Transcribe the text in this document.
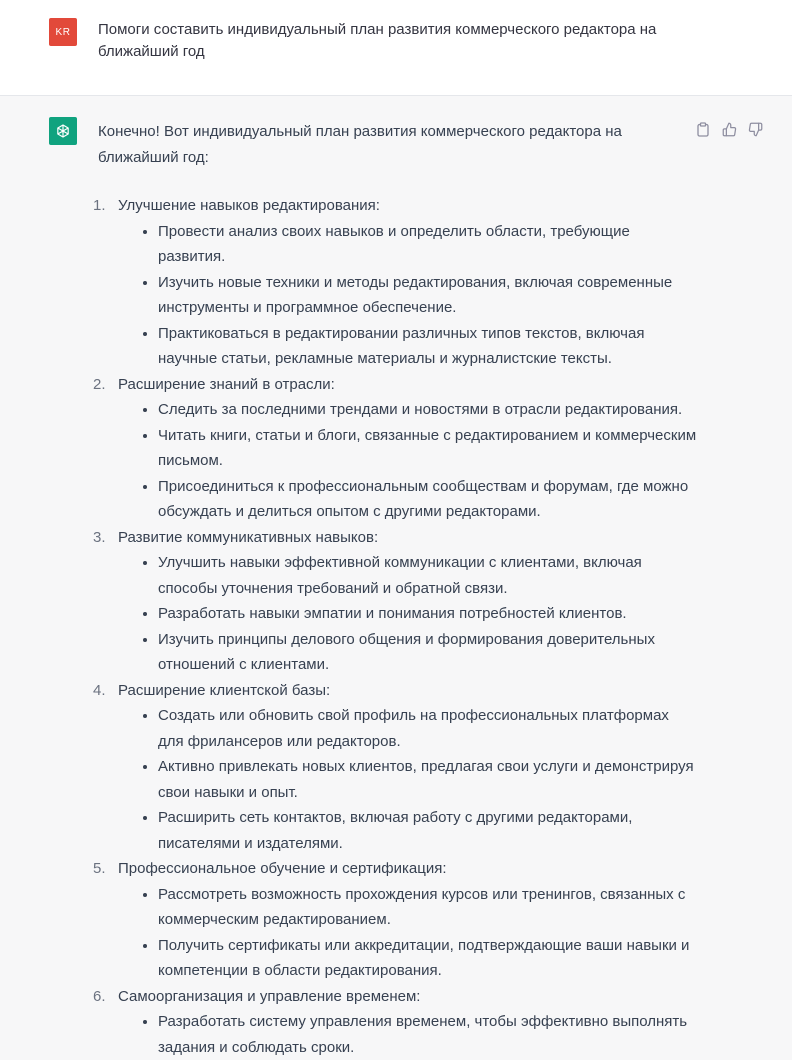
KR Помоги составить индивидуальный план развития коммерческого редактора на ближайший год

Конечно! Вот индивидуальный план развития коммерческого редактора на ближайший год:

1. Улучшение навыков редактирования:
Провести анализ своих навыков и определить области, требующие развития.
Изучить новые техники и методы редактирования, включая современные инструменты и программное обеспечение.
Практиковаться в редактировании различных типов текстов, включая научные статьи, рекламные материалы и журналистские тексты.
2. Расширение знаний в отрасли:
Следить за последними трендами и новостями в отрасли редактирования.
Читать книги, статьи и блоги, связанные с редактированием и коммерческим письмом.
Присоединиться к профессиональным сообществам и форумам, где можно обсуждать и делиться опытом с другими редакторами.
3. Развитие коммуникативных навыков:
Улучшить навыки эффективной коммуникации с клиентами, включая способы уточнения требований и обратной связи.
Разработать навыки эмпатии и понимания потребностей клиентов.
Изучить принципы делового общения и формирования доверительных отношений с клиентами.
4. Расширение клиентской базы:
Создать или обновить свой профиль на профессиональных платформах для фрилансеров или редакторов.
Активно привлекать новых клиентов, предлагая свои услуги и демонстрируя свои навыки и опыт.
Расширить сеть контактов, включая работу с другими редакторами, писателями и издателями.
5. Профессиональное обучение и сертификация:
Рассмотреть возможность прохождения курсов или тренингов, связанных с коммерческим редактированием.
Получить сертификаты или аккредитации, подтверждающие ваши навыки и компетенции в области редактирования.
6. Самоорганизация и управление временем:
Разработать систему управления временем, чтобы эффективно выполнять задания и соблюдать сроки.
